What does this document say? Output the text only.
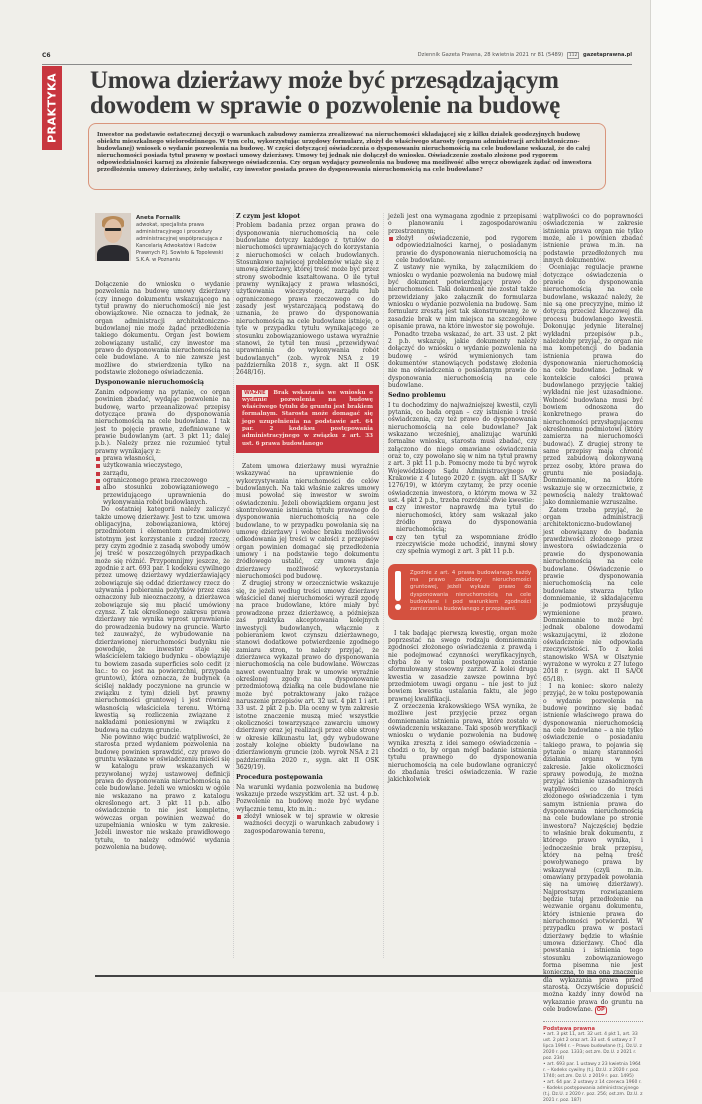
C6	Dziennik Gazeta Prawna, 28 kwietnia 2021 nr 81 (5489) 112 gazetaprawna.pl
PRAKTYKA Umowa dzierżawy może być przesądzającym dowodem w sprawie o pozwolenie na budowę
Inwestor na podstawie ostatecznej decyzji o warunkach zabudowy zamierza zrealizować na nieruchomości składającej się z kilku działek geodezyjnych budowę obiektu mieszkalnego wielorodzinnego. W tym celu, wykorzystując urzędowy formularz, złożył do właściwego starosty (organu administracji architektoniczno-budowlanej) wniosek o wydanie pozwolenia na budowę. W części dotyczącej oświadczenia o dysponowaniu nieruchomością na cele budowlane wskazał, że do całej nieruchomości posiada tytuł prawny w postaci umowy dzierżawy. Umowy tej jednak nie dołączył do wniosku. Oświadczenie zostało złożone pod rygorem odpowiedzialności karnej za złożenie fałszywego oświadczenia. Czy organ wydający pozwolenia na budowę ma możliwość albo wręcz obowiązek żądać od inwestora przedłożenia umowy dzierżawy, żeby ustalić, czy inwestor posiada prawo do dysponowania nieruchomością na cele budowlane?
Aneta Fornalik
adwokat, specjalista prawa administracyjnego i procedury administracyjnej współpracująca z Kancelarią Adwokatów i Radców Prawnych P.J. Sowisło & Topolewski S.K.A. w Poznaniu

Dołączenie do wniosku o wydanie pozwolenia na budowę umowy dzierżawy (czy innego dokumentu wskazującego na tytuł prawny do nieruchomości) nie jest obowiązkowe. Nie oznacza to jednak, że organ administracji architektoniczno-budowlanej nie może żądać przedłożenia takiego dokumentu. Organ jest bowiem zobowiązany ustalić, czy inwestor ma prawo do dysponowania nieruchomością na cele budowlane. A to nie zawsze jest możliwe do stwierdzenia tylko na podstawie złożonego oświadczenia.

Dysponowanie nieruchomością

Zanim odpowiemy na pytanie, co organ powinien zbadać, wydając pozwolenie na budowę, warto przeanalizować przepisy dotyczące prawa do dysponowania nieruchomością na cele budowlane. I tak jest to pojęcie prawne, zdefiniowane w prawie budowlanym (art. 3 pkt 11; dalej p.b.). Należy przez nie rozumieć tytuł prawny wynikający z:

prawa własności,
użytkowania wieczystego,
zarządu,
ograniczonego prawa rzeczowego
albo stosunku zobowiązaniowego – przewidującego uprawnienia do wykonywania robót budowlanych.

Do ostatniej kategorii należy zaliczyć także umowę dzierżawy. Jest to tzw. umowa obligacyjna, zobowiązaniowa, której przedmiotem i elementem przedmiotowo istotnym jest korzystanie z cudzej rzeczy, przy czym zgodnie z zasadą swobody umów jej treść w poszczególnych przypadkach może się różnić. Przypomnijmy jeszcze, że zgodnie z art. 693 par. 1 kodeksu cywilnego przez umowę dzierżawy wydzierżawiający zobowiązuje się oddać dzierżawcy rzecz do używania i pobierania pożytków przez czas oznaczony lub nieoznaczony, a dzierżawca zobowiązuje się mu płacić umówiony czynsz. Z tak określonego zakresu prawa dzierżawy nie wynika wprost uprawnienie do prowadzenia budowy na gruncie. Warto też zauważyć, że wybudowanie na dzierżawionej nieruchomości budynku nie powoduje, że inwestor staje się właścicielem takiego budynku – obowiązuje tu bowiem zasada superficies solo cedit (z łac.: to co jest na powierzchni, przypada gruntowi), która oznacza, że budynek (a ściślej nakłady poczynione na gruncie w związku z tym) dzieli byt prawny nieruchomości gruntowej i jest również własnością właściciela terenu. Wtórną kwestią są rozliczenia związane z nakładami poniesionymi w związku z budową na cudzym gruncie.

Nie powinno więc budzić wątpliwości, że starosta przed wydaniem pozwolenia na budowę powinien sprawdzić, czy prawo do gruntu wskazane w oświadczeniu mieści się w katalogu praw wskazanych w przywołanej wyżej ustawowej definicji prawa do dysponowania nieruchomością na cele budowlane. Jeżeli we wniosku w ogóle nie wskazano na prawo z katalogu określonego art. 3 pkt 11 p.b. albo oświadczenie to nie jest kompletne, wówczas organ powinien wezwać do uzupełniania wniosku w tym zakresie. Jeżeli inwestor nie wskaże prawidłowego tytułu, to należy odmówić wydania pozwolenia na budowę.

Z czym jest kłopot

Problem badania przez organ prawa do dysponowania nieruchomością na cele budowlane dotyczy każdego z tytułów do nieruchomości uprawniających do korzystania z nieruchomości w celach budowlanych. Stosunkowo najwięcej problemów wiąże się z umową dzierżawy, której treść może być przez strony swobodnie kształtowana. O ile tytuł prawny wynikający z prawa własności, użytkowania wieczystego, zarządu lub ograniczonego prawa rzeczowego co do zasady jest wystarczającą podstawą do uznania, że prawo do dysponowania nieruchomością na cele budowlane istnieje, o tyle w przypadku tytułu wynikającego ze stosunku zobowiązaniowego ustawa wyraźnie stanowi, że tytuł ten musi „przewidywać uprawnienia do wykonywania robót budowlanych” (zob. wyrok NSA z 19 października 2018 r., sygn. akt II OSK 2648/16).

WAŻNE Brak wskazania we wniosku o wydanie pozwolenia na budowę właściwego tytułu do gruntu jest brakiem formalnym. Starosta może domagać się jego uzupełnienia na podstawie art. 64 par. 2 kodeksu postępowania administracyjnego w związku z art. 33 ust. 6 prawa budowlanego

Zatem umowa dzierżawy musi wyraźnie wskazywać na uprawnienie do wykorzystywania nieruchomości do celów budowlanych. Na taki właśnie zakres umowy musi powołać się inwestor w swoim oświadczeniu. Jeżeli obowiązkiem organu jest skontrolowanie istnienia tytułu prawnego do dysponowania nieruchomością na cele budowlane, to w przypadku powołania się na umowę dzierżawy i wobec braku możliwości odkodowania jej treści w całości z przepisów organ powinien domagać się przedłożenia umowy i na podstawie tego dokumentu źródłowego ustalić, czy umowa daje dzierżawcy możliwość wykorzystania nieruchomości pod budowę.

Z drugiej strony w orzecznictwie wskazuje się, że jeżeli według treści umowy dzierżawy właściciel danej nieruchomości wyraził zgodę na prace budowlane, które miały być prowadzone przez dzierżawcę, a późniejsza zaś praktyka akceptowania kolejnych inwestycji budowlanych, włącznie z pobieraniem kwot czynszu dzierżawnego, stanowi dodatkowe potwierdzenie zgodnego zamiaru stron, to należy przyjąć, że dzierżawca wykazał prawo do dysponowania nieruchomością na cele budowlane. Wówczas nawet ewentualny brak w umowie wyraźnie określonej zgody na dysponowanie przedmiotową działką na cele budowlane nie może być potraktowany jako rażące naruszenie przepisów art. 32 ust. 4 pkt 1 i art. 33 ust. 2 pkt 2 p.b. Dla oceny w tym zakresie istotne znaczenie muszą mieć wszystkie okoliczności towarzyszące zawarciu umowy dzierżawy oraz jej realizacji przez obie strony w okresie kilkunastu lat, gdy wybudowane zostały kolejne obiekty budowlane na dzierżawionym gruncie (zob. wyrok NSA z 21 października 2020 r., sygn. akt II OSK 3629/19).

Procedura postępowania

Na warunki wydania pozwolenia na budowę wskazuje przede wszystkim art. 32 ust. 4 p.b. Pozwolenie na budowę może być wydane wyłącznie temu, kto m.in.:

złożył wniosek w tej sprawie w okresie ważności decyzji o warunkach zabudowy i zagospodarowania terenu,

jeżeli jest ona wymagana zgodnie z przepisami o planowaniu i zagospodarowaniu przestrzennym;

złożył oświadczenie, pod rygorem odpowiedzialności karnej, o posiadanym prawie do dysponowania nieruchomością na cele budowlane.

Z ustawy nie wynika, by załącznikiem do wniosku o wydanie pozwolenia na budowę miał być dokument potwierdzający prawo do nieruchomości. Taki dokument nie został także przewidziany jako załącznik do formularza wniosku o wydanie pozwolenia na budowę. Sam formularz zresztą jest tak skonstruowany, że w zasadzie brak w nim miejsca na szczegółowe opisanie prawa, na które inwestor się powołuje.

Ponadto trzeba wskazać, że art. 33 ust. 2 pkt 2 p.b. wskazuje, jakie dokumenty należy dołączyć do wniosku o wydanie pozwolenia na budowę – wśród wymienionych tam dokumentów stanowiących podstawę złożenia nie ma oświadczenia o posiadanym prawie do dysponowania nieruchomością na cele budowlane.

Sedno problemu

I tu dochodzimy do najważniejszej kwestii, czyli pytania, co bada organ – czy istnienie i treść oświadczenia, czy też prawo do dysponowania nieruchomością na cele budowlane? Jak wskazano wcześniej, analizując warunki formalne wniosku, starosta musi zbadać, czy załączono do niego omawiane oświadczenia oraz to, czy powołano się w nim na tytuł prawny z art. 3 pkt 11 p.b. Pomocny może tu być wyrok Wojewódzkiego Sądu Administracyjnego w Krakowie z 4 lutego 2020 r. (sygn. akt II SA/Kr 1276/19), w którym czytamy, że przy ocenie oświadczenia inwestora, o którym mowa w 32 ust. 4 pkt 2 p.b., trzeba rozróżnić dwie kwestie:

czy inwestor naprawdę ma tytuł do nieruchomości, który sam wskazał jako źródło prawa do dysponowania nieruchomością;
czy ten tytuł za wspomniane źródło rzeczywiście może uchodzić, innymi słowy czy spełnia wymogi z art. 3 pkt 11 p.b.
Zgodnie z art. 4 prawa budowlanego każdy ma prawo zabudowy nieruchomości gruntowej, jeżeli wykaże prawo do dysponowania nieruchomością na cele budowlane i pod warunkiem zgodności zamierzenia budowlanego z przepisami.

I tak badając pierwszą kwestię, organ może poprzestać na swego rodzaju domniemaniu zgodności złożonego oświadczenia z prawdą i nie podejmować czynności weryfikacyjnych, chyba że w toku postępowania zostanie sformułowany stosowny zarzut. Z kolei druga kwestia w zasadzie zawsze powinna być przedmiotem uwagi organu – nie jest to już bowiem kwestia ustalania faktu, ale jego prawnej kwalifikacji.

Z orzeczenia krakowskiego WSA wynika, że możliwe jest przyjęcie przez organ domniemania istnienia prawa, które zostało w oświadczeniu wskazane. Taki sposób weryfikacji wniosku o wydanie pozwolenia na budowę wynika zresztą z idei samego oświadczenia – chodzi o to, by organ mógł badanie istnienia tytułu prawnego do dysponowania nieruchomością na cele budowlane ograniczyć do zbadania treści oświadczenia. W razie jakichkolwiek

wątpliwości co do poprawności oświadczenia w zakresie istnienia prawa organ nie tylko może, ale i powinien zbadać istnienie prawa m.in. na podstawie przedłożonych mu innych dokumentów.

Oceniając regulacje prawne dotyczące oświadczenia o prawie do dysponowania nieruchomością na cele budowlane, wskazać należy, że nie są one precyzyjne, mimo iż dotyczą przecież kluczowej dla procesu budowlanego kwestii. Dokonując jedynie literalnej wykładni przepisów p.b., należałoby przyjąć, że organ nie ma kompetencji do badania istnienia prawa do dysponowania nieruchomością na cele budowlane. Jednak w kontekście całości prawa budowlanego przyjęcie takiej wykładni nie jest uzasadnione. Wolność budowlana musi być bowiem odnoszona do konkretnego prawa do nieruchomości przysługującemu określonemu podmiotowi (który zamierza na nieruchomości budować). Z drugiej strony te same przepisy mają chronić przed zabudową dokonywaną przez osoby, które prawa do gruntu nie posiadają. Domniemanie, na które wskazuje się w orzecznictwie, z pewnością należy traktować jako domniemanie wzruszalne.

Zatem trzeba przyjąć, że organ administracji architektoniczno-budowlanej jest obowiązany do badania prawdziwości złożonego przez inwestora oświadczenia o prawie do dysponowania nieruchomością na cele budowlane. Oświadczenie o prawie dysponowania nieruchomością na cele budowlane stwarza tylko domniemanie, iż składającemu je podmiotowi przysługuje wymienione prawo. Domniemanie to może być jednak obalone dowodami wskazującymi, iż złożone oświadczenie nie odpowiada rzeczywistości. To z kolei stanowisko WSA w Olsztynie wyrażone w wyroku z 27 lutego 2018 r. (sygn. akt II SA/Ol 65/18).

I na koniec: skoro należy przyjąć, że w toku postępowania o wydanie pozwolenia na budowę powinno się badać istnienie właściwego prawa do dysponowania nieruchomością na cele budowlane – a nie tylko oświadczenie o posiadaniu takiego prawa, to pojawia się pytanie o miarę staranności działania organu w tym zakresie. Jakie okoliczności sprawy powodują, że można przyjąć istnienie uzasadnionych wątpliwości co do treści złożonego oświadczenia i tym samym istnienia prawa do dysponowania nieruchomością na cele budowlane po stronie inwestora? Najczęściej będzie to właśnie brak dokumentu, z którego prawo wynika, i jednocześnie brak przepisu, który na pełną treść powoływanego prawa by wskazywał (czyli m.in. omawiany przypadek powołania się na umowę dzierżawy). Najprostszym rozwiązaniem będzie tutaj przedłożenie na wezwanie organu dokumentu, który istnienie prawa do nieruchomości potwierdzi. W przypadku prawa w postaci dzierżawy będzie to właśnie umowa dzierżawy. Choć dla powstania i istnienia tego stosunku zobowiązaniowego forma pisemna nie jest konieczna, to ma ona znaczenie dla wykazania prawa przed starostą. Oczywiście dopuścić można każdy inny dowód na wykazanie prawa do gruntu na cele budowlane. OP

Podstawa prawna

• art. 3 pkt 11, art. 32 ust. 4 pkt 1, art. 33 ust. 2 pkt 2 oraz art. 33 ust. 6 ustawy z 7 lipca 1994 r. – Prawo budowlane (t.j. Dz.U. z 2020 r. poz. 1333; ost.zm. Dz.U. z 2021 r. poz. 234)

• art. 693 par. 1 ustawy z 23 kwietnia 1964 r. – Kodeks cywilny (t.j. Dz.U. z 2020 r. poz. 1740; ost.zm. Dz.U. z 2019 r. poz. 1495)

• art. 64 par. 2 ustawy z 14 czerwca 1960 r. – Kodeks postępowania administracyjnego (t.j. Dz.U. z 2020 r. poz. 256; ost.zm. Dz.U. z 2021 r. poz. 187)
